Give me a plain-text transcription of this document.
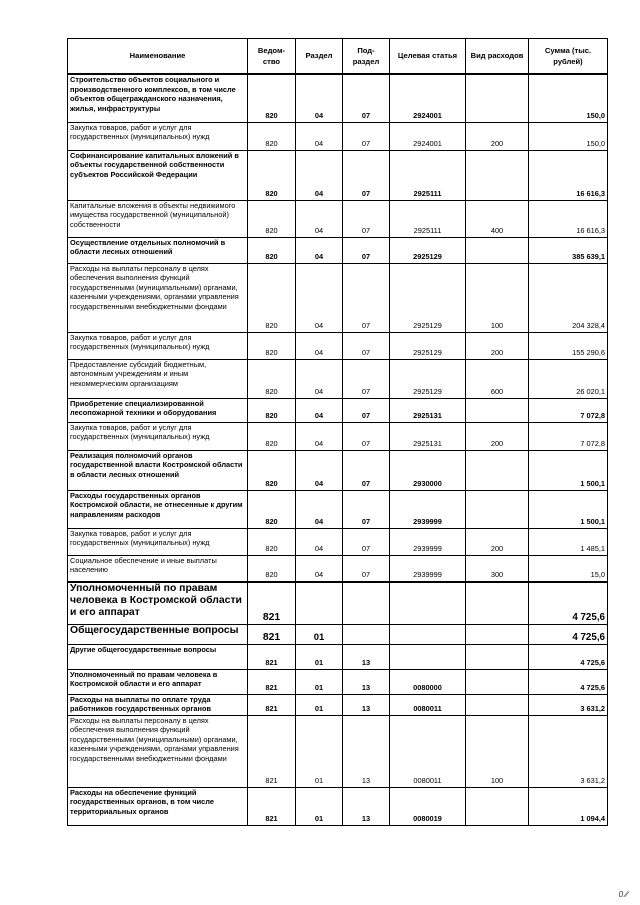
Наименование	Ведом-ство	Раздел	Под-раздел	Целевая статья	Вид расходов	Сумма (тыс. рублей)
Строительство объектов социального и производственного комплексов, в том числе объектов общегражданского назначения, жилья, инфраструктуры	820	04	07	2924001		150,0
Закупка товаров, работ и услуг для государственных (муниципальных) нужд	820	04	07	2924001	200	150,0
Софинансирование капитальных вложений в объекты государственной собственности субъектов Российской Федерации	820	04	07	2925111		16 616,3
Капитальные вложения в объекты недвижимого имущества государственной (муниципальной) собственности	820	04	07	2925111	400	16 616,3
Осуществление отдельных полномочий в области лесных отношений	820	04	07	2925129		385 639,1
Расходы на выплаты персоналу в целях обеспечения выполнения функций государственными (муниципальными) органами, казенными учреждениями, органами управления государственными внебюджетными фондами	820	04	07	2925129	100	204 328,4
Закупка товаров, работ и услуг для государственных (муниципальных) нужд	820	04	07	2925129	200	155 290,6
Предоставление субсидий бюджетным, автономным учреждениям и иным некоммерческим организациям	820	04	07	2925129	600	26 020,1
Приобретение специализированной лесопожарной техники и оборудования	820	04	07	2925131		7 072,8
Закупка товаров, работ и услуг для государственных (муниципальных) нужд	820	04	07	2925131	200	7 072,8
Реализация полномочий органов государственной власти Костромской области в области лесных отношений	820	04	07	2930000		1 500,1
Расходы государственных органов Костромской области, не отнесенные к другим направлениям расходов	820	04	07	2939999		1 500,1
Закупка товаров, работ и услуг для государственных (муниципальных) нужд	820	04	07	2939999	200	1 485,1
Социальное обеспечение и иные выплаты населению	820	04	07	2939999	300	15,0
Уполномоченный по правам человека в Костромской области и его аппарат	821					4 725,6
Общегосударственные вопросы	821	01				4 725,6
Другие общегосударственные вопросы	821	01	13			4 725,6
Уполномоченный по правам человека в Костромской области и его аппарат	821	01	13	0080000		4 725,6
Расходы на выплаты по оплате труда работников государственных органов	821	01	13	0080011		3 631,2
Расходы на выплаты персоналу в целях обеспечения выполнения функций государственными (муниципальными) органами, казенными учреждениями, органами управления государственными внебюджетными фондами	821	01	13	0080011	100	3 631,2
Расходы на обеспечение функций государственных органов, в том числе территориальных органов	821	01	13	0080019		1 094,4
0 ∕∕
